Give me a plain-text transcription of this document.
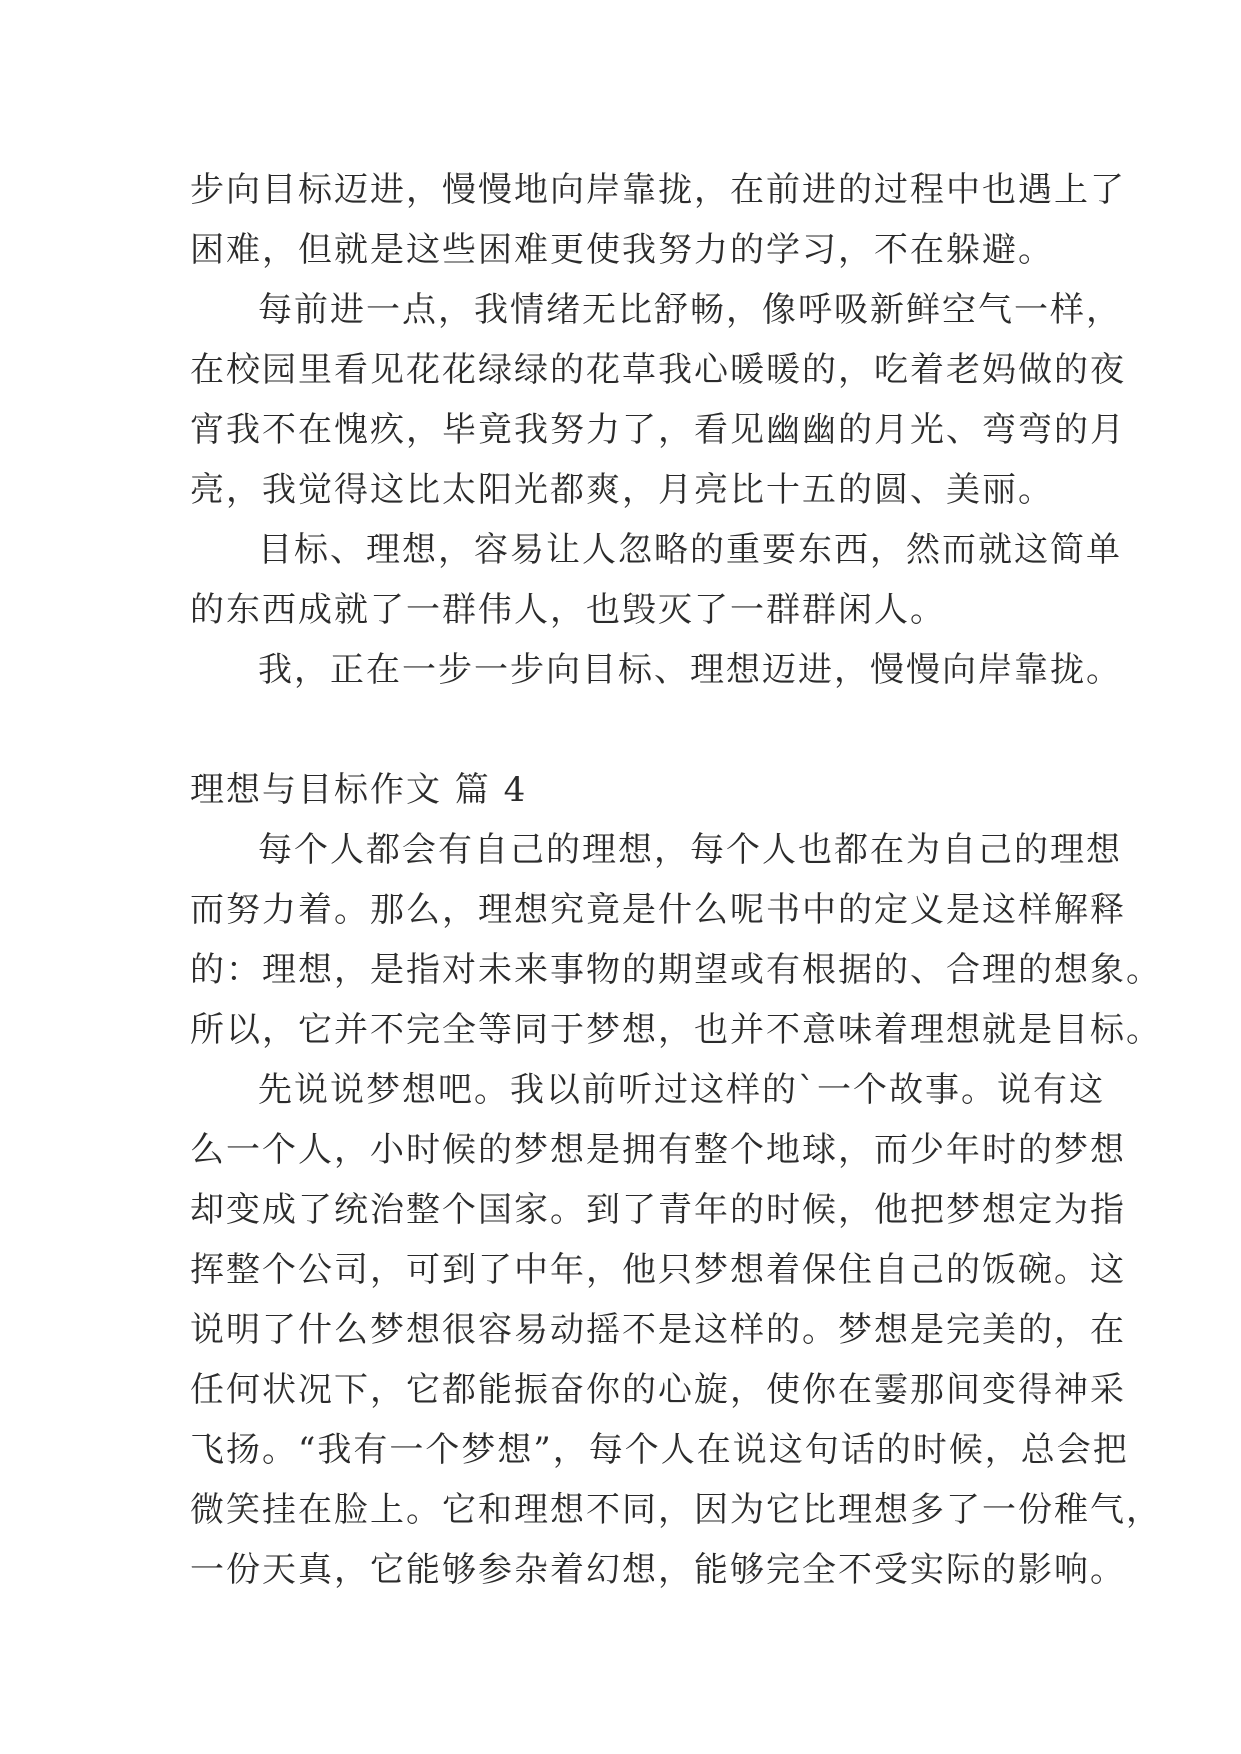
步向目标迈进，慢慢地向岸靠拢，在前进的过程中也遇上了
困难，但就是这些困难更使我努力的学习，不在躲避。

每前进一点，我情绪无比舒畅，像呼吸新鲜空气一样，
在校园里看见花花绿绿的花草我心暖暖的，吃着老妈做的夜
宵我不在愧疚，毕竟我努力了，看见幽幽的月光、弯弯的月
亮，我觉得这比太阳光都爽，月亮比十五的圆、美丽。

目标、理想，容易让人忽略的重要东西，然而就这简单
的东西成就了一群伟人，也毁灭了一群群闲人。

我，正在一步一步向目标、理想迈进，慢慢向岸靠拢。

理想与目标作文 篇 4

每个人都会有自己的理想，每个人也都在为自己的理想
而努力着。那么，理想究竟是什么呢书中的定义是这样解释
的：理想，是指对未来事物的期望或有根据的、合理的想象。
所以，它并不完全等同于梦想，也并不意味着理想就是目标。

先说说梦想吧。我以前听过这样的`一个故事。说有这
么一个人，小时候的梦想是拥有整个地球，而少年时的梦想
却变成了统治整个国家。到了青年的时候，他把梦想定为指
挥整个公司，可到了中年，他只梦想着保住自己的饭碗。这
说明了什么梦想很容易动摇不是这样的。梦想是完美的，在
任何状况下，它都能振奋你的心旋，使你在霎那间变得神采
飞扬。“我有一个梦想”，每个人在说这句话的时候，总会把
微笑挂在脸上。它和理想不同，因为它比理想多了一份稚气，
一份天真，它能够参杂着幻想，能够完全不受实际的影响。
